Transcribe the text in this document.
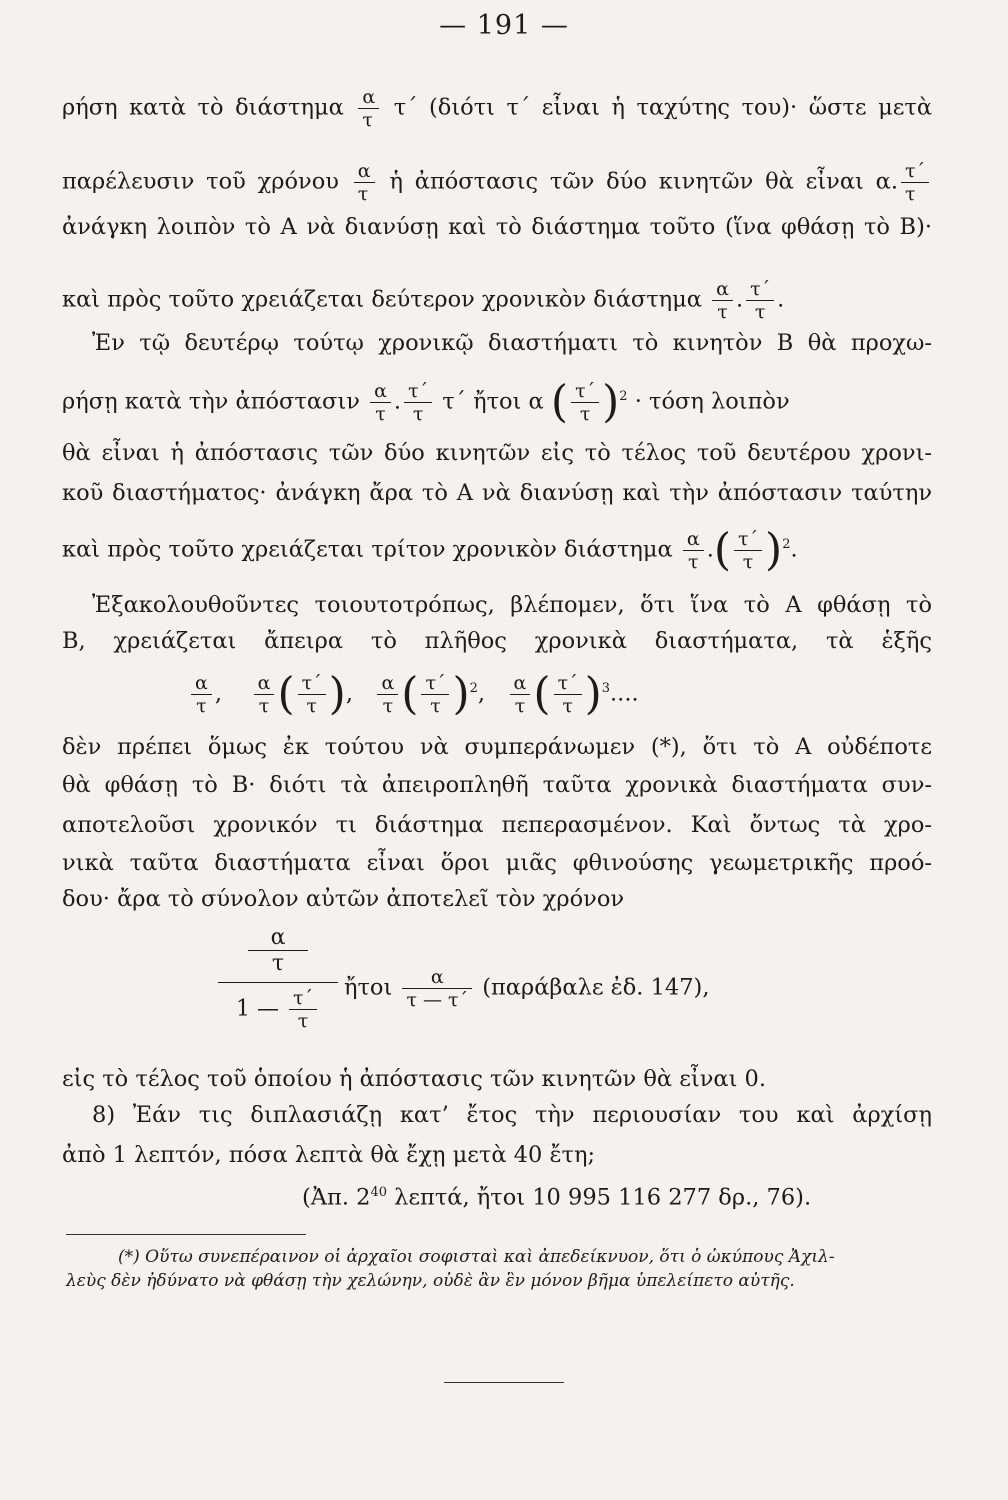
— 191 —
ρήση κατὰ τὸ διάστημα $\frac{\alpha}{\tau} \tau΄$ (διότι τ΄ εἶναι ἡ ταχύτης του)· ὥστε μετὰ
παρέλευσιν τοῦ χρόνου $\frac{\alpha}{\tau}$ ἡ ἀπόστασις τῶν δύο κινητῶν θὰ εἶναι α. $\frac{\tau΄}{\tau}$
ἀνάγκη λοιπὸν τὸ Α νὰ διανύσῃ καὶ τὸ διάστημα τοῦτο (ἵνα φθάσῃ τὸ Β)·
καὶ πρὸς τοῦτο χρειάζεται δεύτερον χρονικὸν διάστημα $\frac{\alpha}{\tau}$ . $\frac{\tau΄}{\tau}$ .
Ἐν τῷ δευτέρῳ τούτῳ χρονικῷ διαστήματι τὸ κινητὸν Β θὰ προχω-
ρήσῃ κατὰ τὴν ἀπόστασιν $\frac{\alpha}{\tau}$ . $\frac{\tau΄}{\tau} \tau΄$ ἤτοι α ( $\frac{\tau΄}{\tau} )^2 \cdot \tau ό\sigma\eta$ λοιπὸν
θὰ εἶναι ἡ ἀπόστασις τῶν δύο κινητῶν εἰς τὸ τέλος τοῦ δευτέρου χρονι-
κοῦ διαστήματος· ἀνάγκη ἄρα τὸ Α νὰ διανύσῃ καὶ τὴν ἀπόστασιν ταύτην
καὶ πρὸς τοῦτο χρειάζεται τρίτον χρονικὸν διάστημα $\frac{\alpha}{\tau}$ .( $\frac{\tau΄}{\tau} )^2$.
Ἐξακολουθοῦντες τοιουτοτρόπως, βλέπομεν, ὅτι ἵνα τὸ Α φθάσῃ τὸ
Β, χρειάζεται ἄπειρα τὸ πλῆθος χρονικὰ διαστήματα, τὰ ἑξῆς
$\frac{\alpha}{\tau}$ , $\frac{\alpha}{\tau}$ ( $\frac{\tau΄}{\tau}$ ), $\frac{\alpha}{\tau}$ ( $\frac{\tau΄}{\tau} )^2$, $\frac{\alpha}{\tau}$ ( $\frac{\tau΄}{\tau} )^3$....
δὲν πρέπει ὅμως ἐκ τούτου νὰ συμπεράνωμεν (*), ὅτι τὸ Α οὐδέποτε
θὰ φθάσῃ τὸ Β· διότι τὰ ἀπειροπληθῆ ταῦτα χρονικὰ διαστήματα συν-
αποτελοῦσι χρονικόν τι διάστημα πεπερασμένον. Καὶ ὄντως τὰ χρο-
νικὰ ταῦτα διαστήματα εἶναι ὅροι μιᾶς φθινούσης γεωμετρικῆς προό-
δου· ἄρα τὸ σύνολον αὐτῶν ἀποτελεῖ τὸν χρόνον
α
τ
1 — $\frac{\tau΄}{\tau}$ ἤτοι $\frac{\alpha}{\tau — \tau΄} (\pi\alpha\rho ά\beta\alpha\lambda\varepsilon$ ἐδ. 147),
εἰς τὸ τέλος τοῦ ὁποίου ἡ ἀπόστασις τῶν κινητῶν θὰ εἶναι 0.
8) Ἐάν τις διπλασιάζῃ κατ’ ἔτος τὴν περιουσίαν του καὶ ἀρχίσῃ
ἀπὸ 1 λεπτόν, πόσα λεπτὰ θὰ ἔχῃ μετὰ 40 ἔτη;
(Ἀπ. $2^{40}$ λεπτά, ἤτοι 10 995 116 277 δρ., 76).
(*) Οὕτω συνεπέραινον οἱ ἀρχαῖοι σοφισταὶ καὶ ἀπεδείκνυον, ὅτι ὁ ὠκύπους Ἀχιλ-
λεὺς δὲν ἠδύνατο νὰ φθάσῃ τὴν χελώνην, οὐδὲ ἂν ἓν μόνον βῆμα ὑπελείπετο αὐτῆς.
